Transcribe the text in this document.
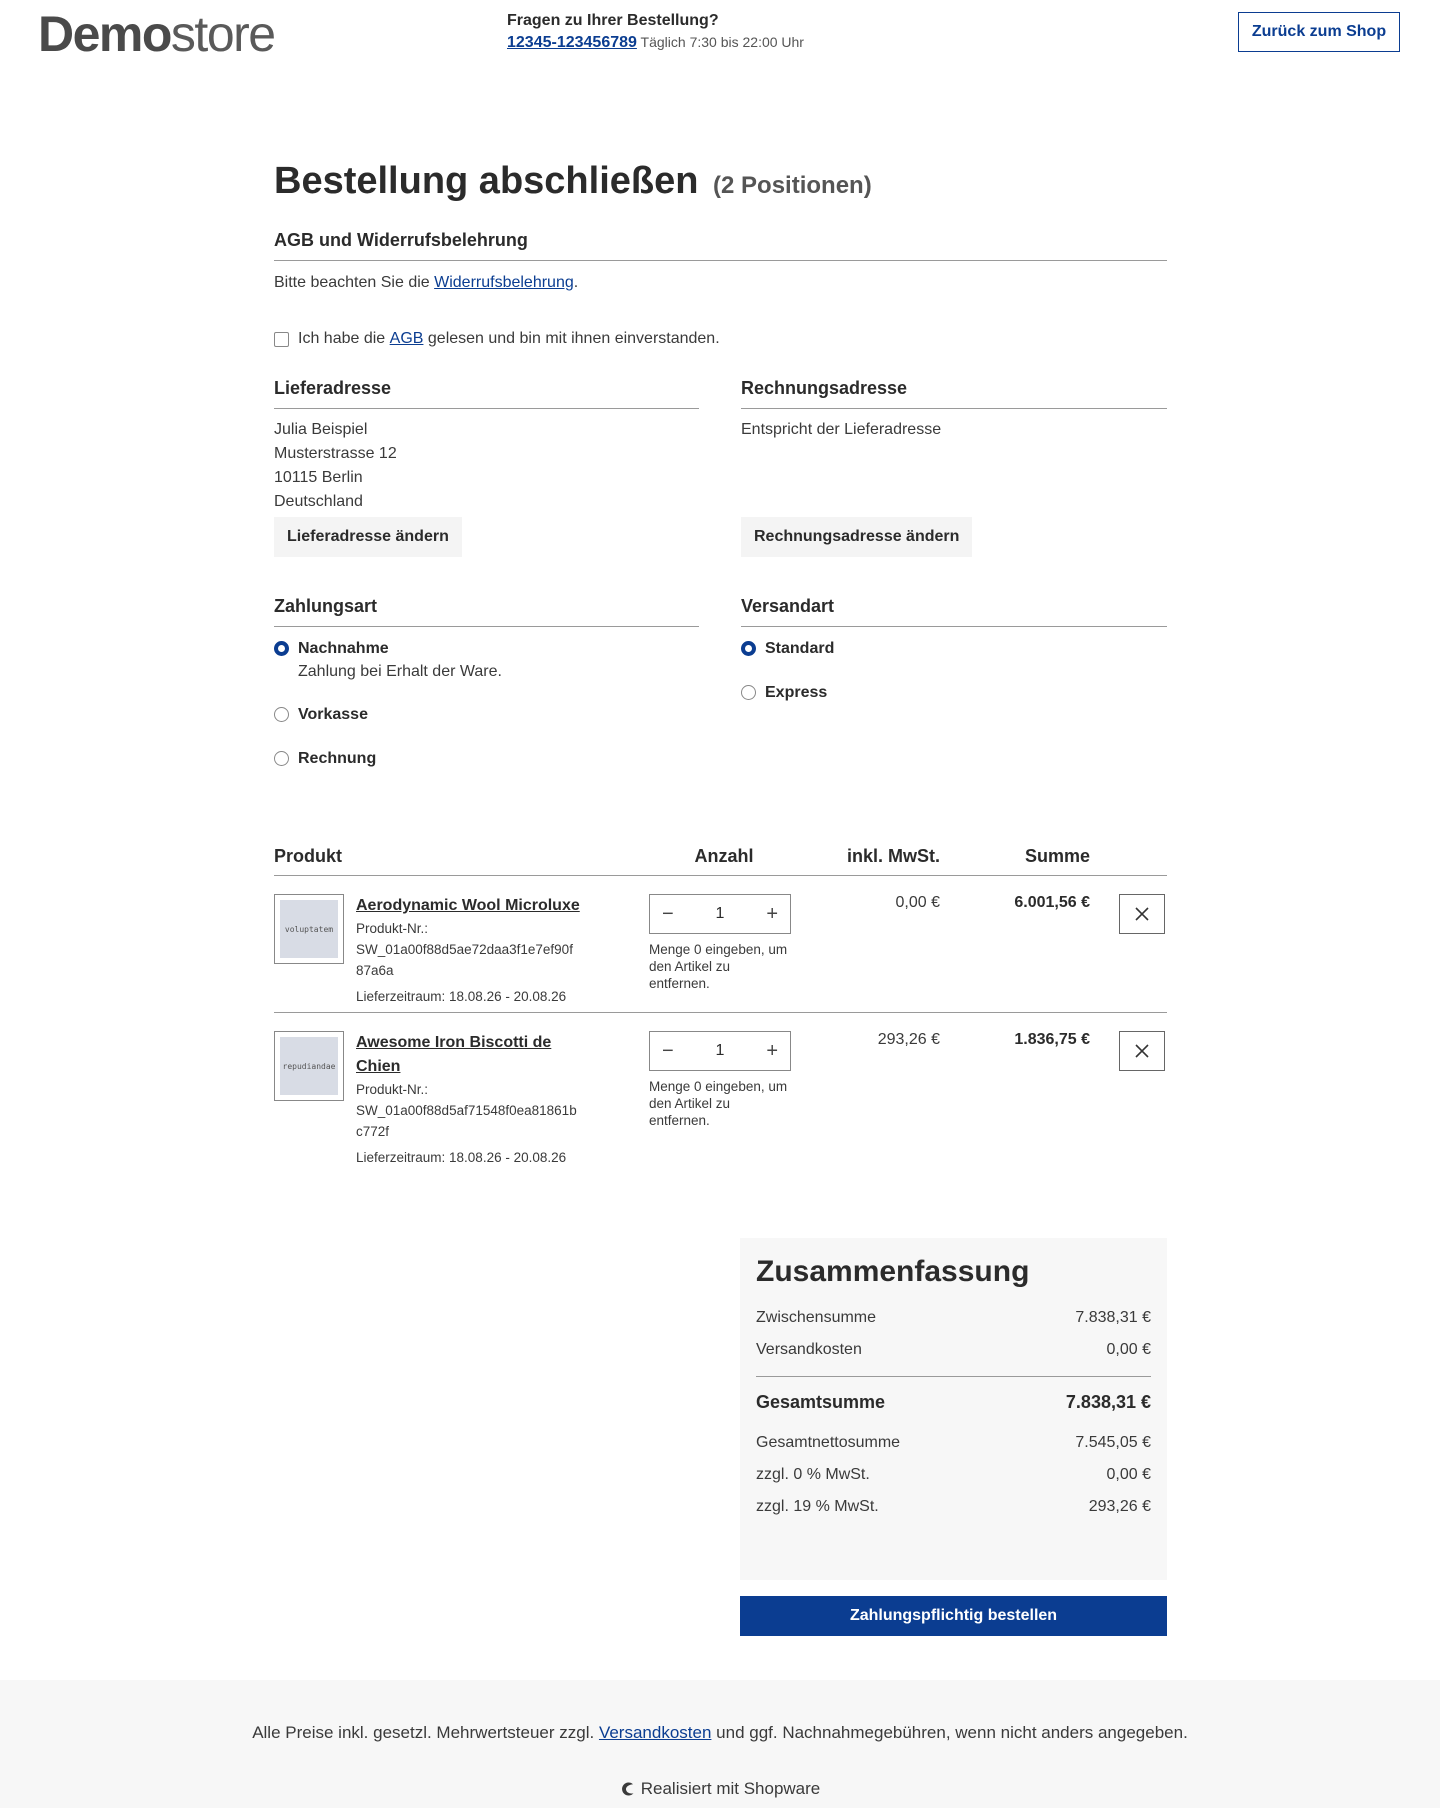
Demostore	Fragen zu Ihrer Bestellung?
12345-123456789 Täglich 7:30 bis 22:00 Uhr
Zurück zum Shop
Bestellung abschließen (2 Positionen)
AGB und Widerrufsbelehrung
Bitte beachten Sie die Widerrufsbelehrung.
Ich habe die
AGB
gelesen und bin mit ihnen einverstanden.
Lieferadresse
Julia Beispiel
Musterstrasse 12
10115 Berlin
Deutschland
Lieferadresse ändern
Rechnungsadresse
Entspricht der Lieferadresse
Rechnungsadresse ändern
Zahlungsart
Nachnahme
Zahlung bei Erhalt der Ware.
Vorkasse
Rechnung
Versandart
Standard
Express
Produkt	Anzahl	inkl. MwSt.	Summe
voluptatem
Aerodynamic Wool Microluxe
Produkt-Nr.:
SW_01a00f88d5ae72daa3f1e7ef90f
87a6a
Lieferzeitraum: 18.08.26 - 20.08.26
−	1 +
Menge 0 eingeben, um den Artikel zu entfernen.
0,00 €	6.001,56 €
repudiandae
Awesome Iron Biscotti de Chien
Produkt-Nr.:
SW_01a00f88d5af71548f0ea81861b
c772f
Lieferzeitraum: 18.08.26 - 20.08.26
−	1 +
Menge 0 eingeben, um den Artikel zu entfernen.
293,26 €	1.836,75 €
Zusammenfassung
Zwischensumme	7.838,31 €
Versandkosten	0,00 €
Gesamtsumme	7.838,31 €
Gesamtnettosumme	7.545,05 €
zzgl. 0 % MwSt.	0,00 €
zzgl. 19 % MwSt.	293,26 €
Zahlungspflichtig bestellen
Alle Preise inkl. gesetzl. Mehrwertsteuer zzgl. Versandkosten und ggf. Nachnahmegebühren, wenn nicht anders angegeben.
Realisiert mit Shopware
